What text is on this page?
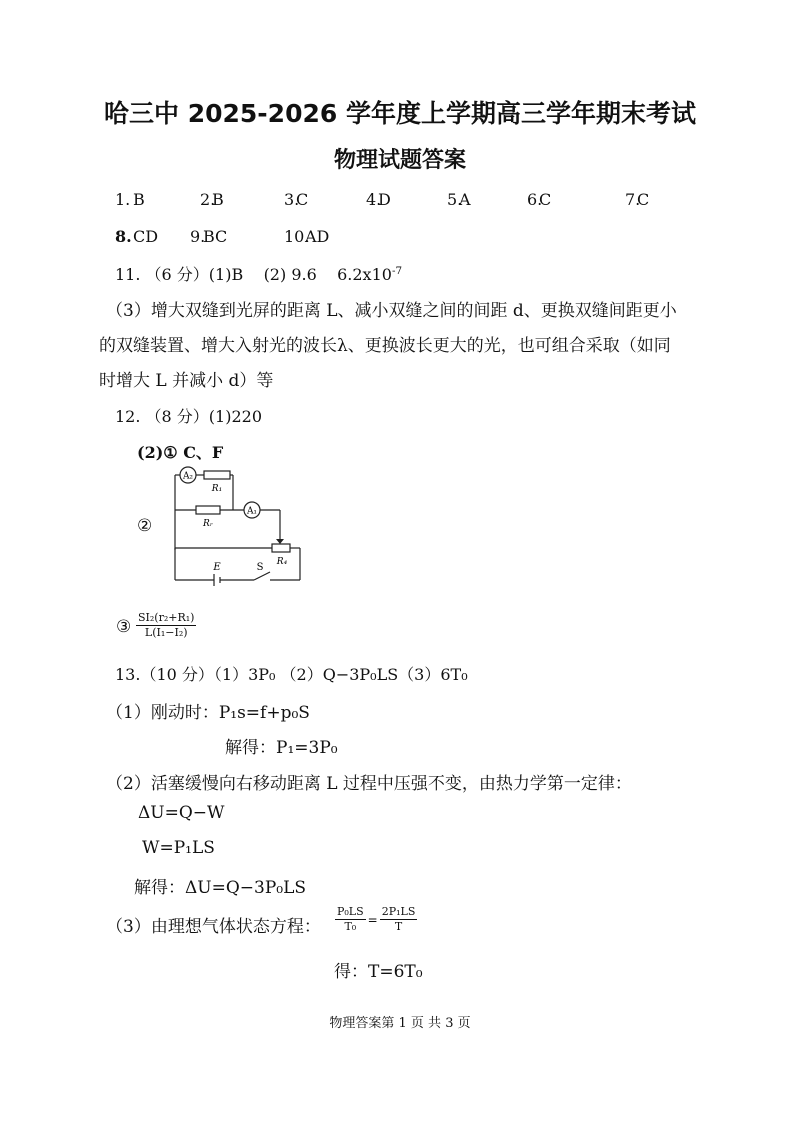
哈三中 2025-2026 学年度上学期高三学年期末考试
物理试题答案
1. B	2.
B	3.
C	4.
D	5.
A	6.
C	7.
C
8. CD 9.
BC	10.
AD
11. （6 分）(1)B    (2) 9.6    $6.2x10^{-7}$
（3）增大双缝到光屏的距离 L、减小双缝之间的间距 d、更换双缝间距更小
的双缝装置、增大入射光的波长λ、更换波长更大的光，也可组合采取（如同
时增大 L 并减小 d）等
12. （8 分）(1)220
(2)① C、F
②
A₂
A₁
R₁
Rᵣ
R₄
E	S
③ $\frac{\text{SI₂(r₂+R₁)}}{\text{L(I₁−I₂)}}$
13.（10 分）（1）3P₀ （2）Q−3P₀LS（3）6T₀
（1）刚动时：P₁s=f+p₀S
解得：P₁=3P₀
（2）活塞缓慢向右移动距离 L 过程中压强不变，由热力学第一定律：
ΔU=Q−W
W=P₁LS
解得：ΔU=Q−3P₀LS
（3）由理想气体状态方程： $\frac{\text{P₀LS}}{\text{T₀}} = \frac{\text{2P₁LS}}{T}$
得：T=6T₀
物理答案第 1 页 共 3 页
